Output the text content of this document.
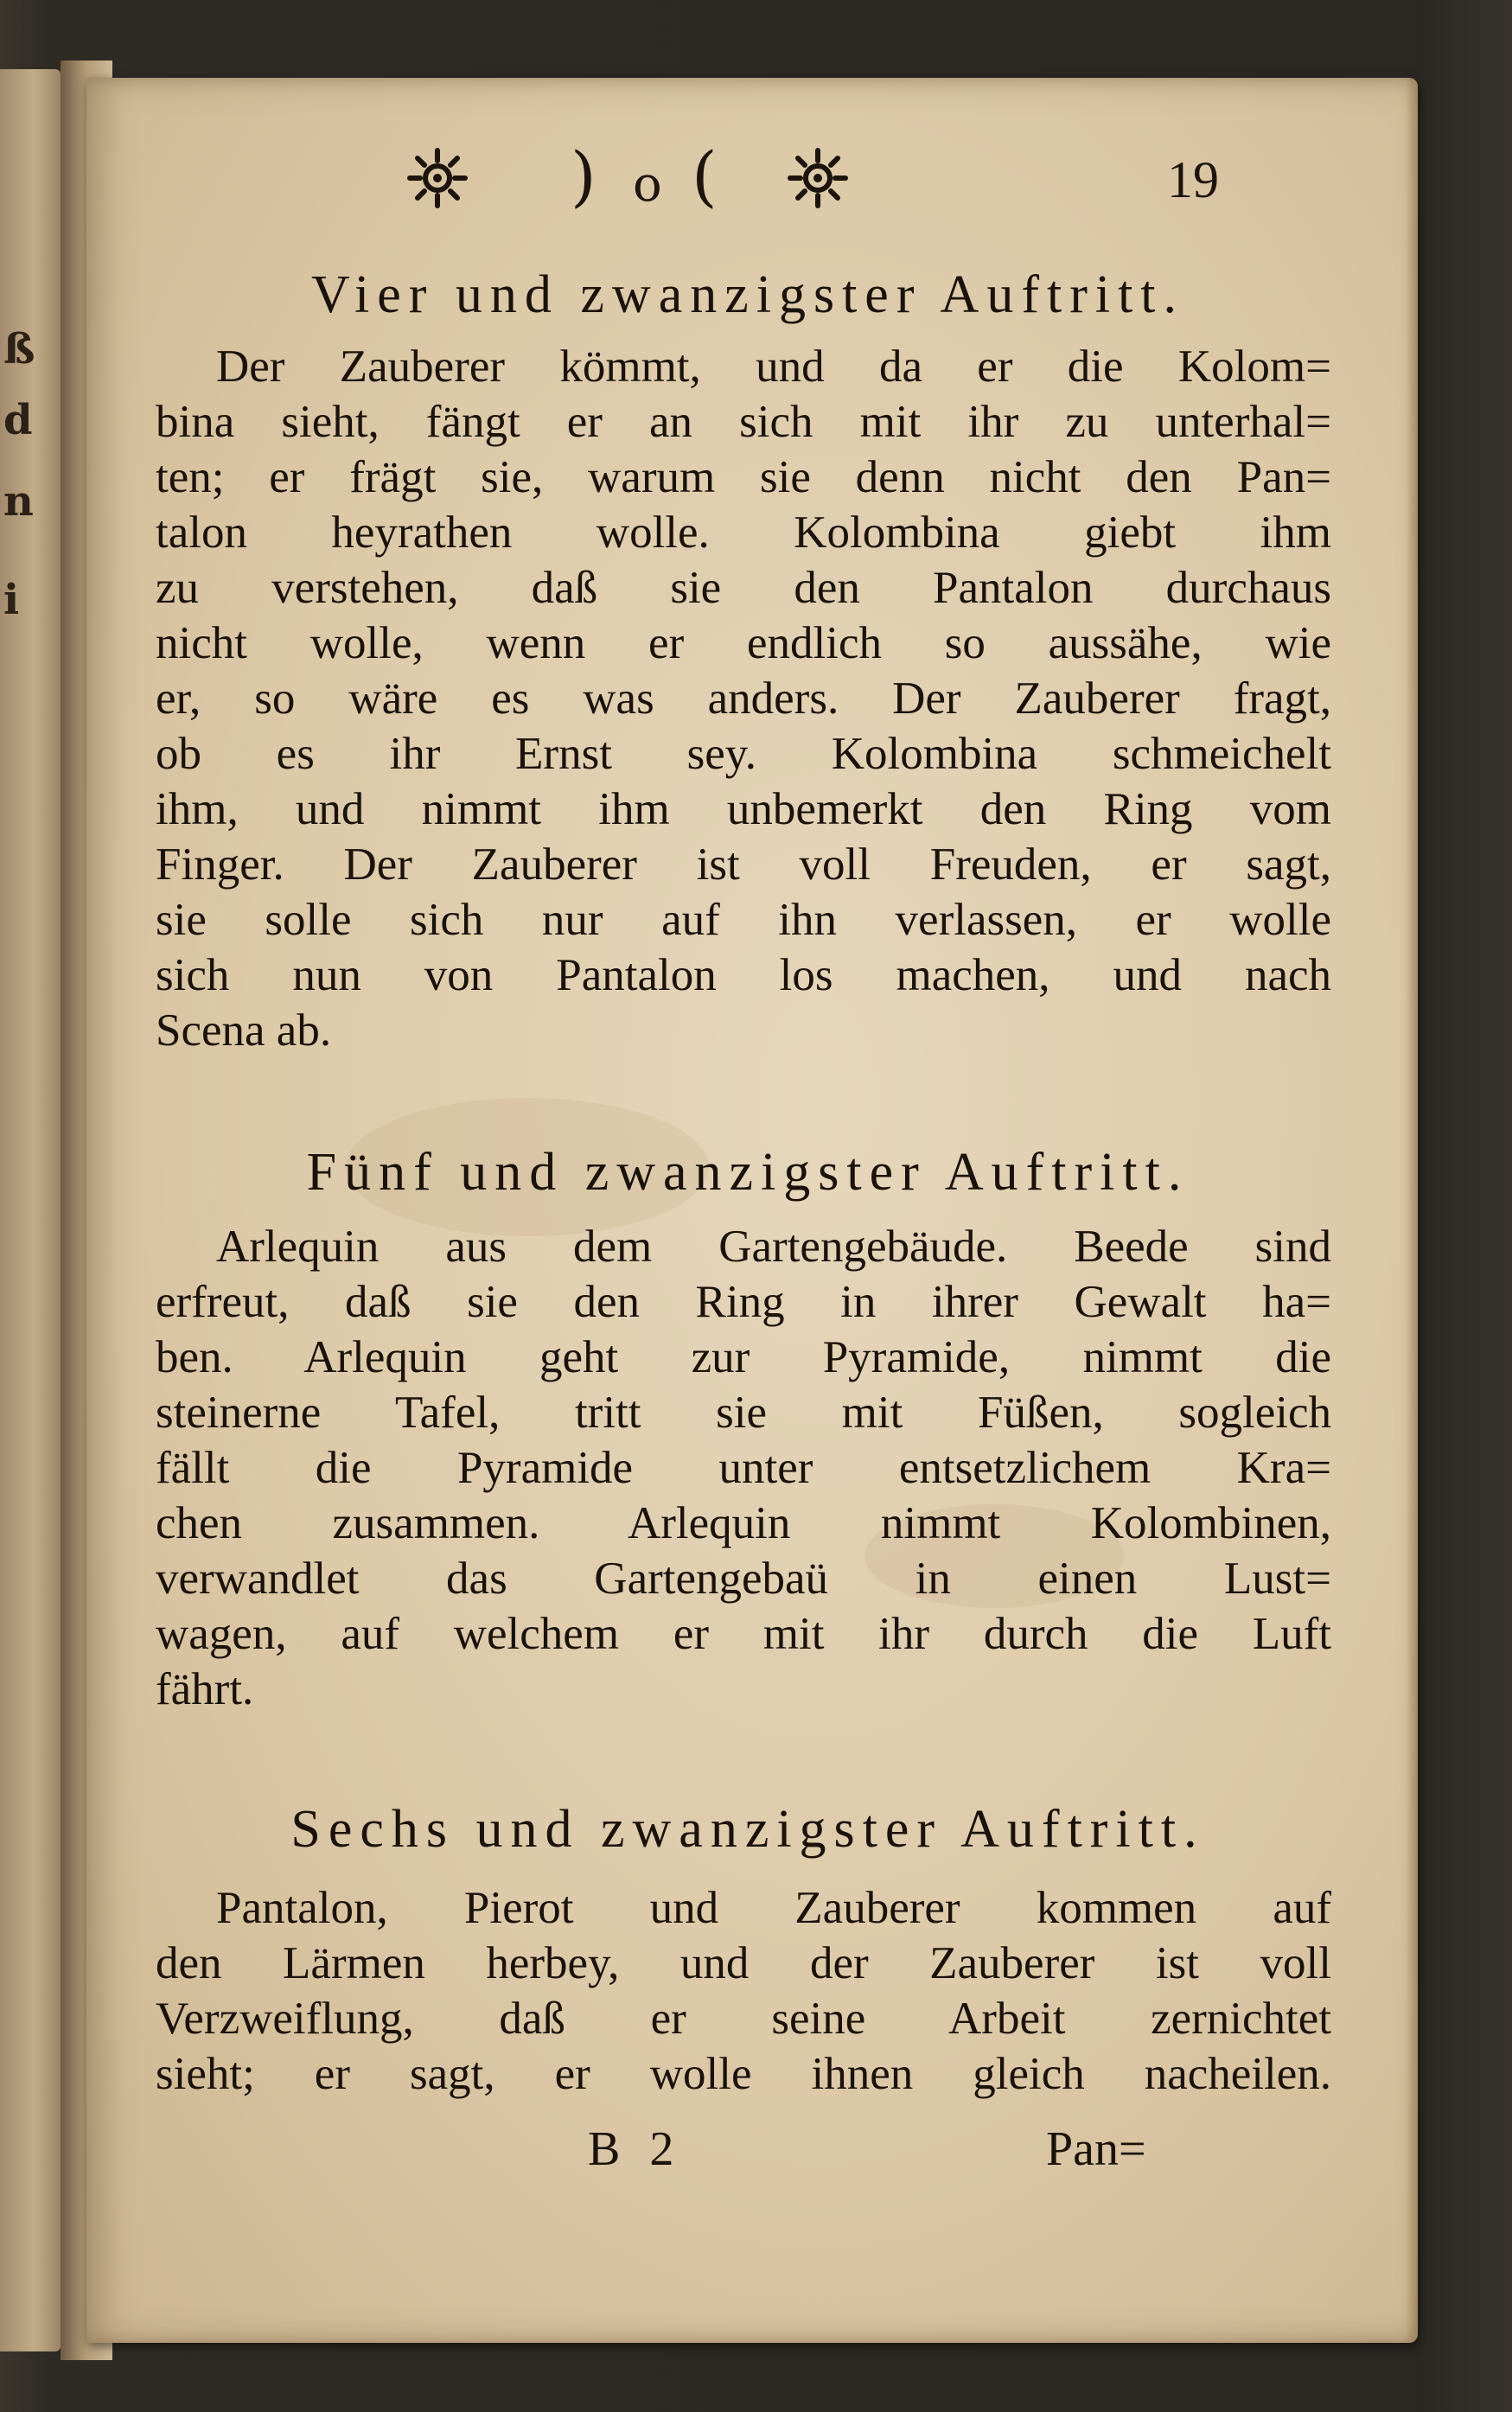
ß
d
n
i
) o (	19
Vier und zwanzigster Auftritt.
Der Zauberer kömmt, und da er die Kolom=
bina sieht, fängt er an sich mit ihr zu unterhal=
ten; er frägt sie, warum sie denn nicht den Pan=
talon heyrathen wolle. Kolombina giebt ihm
zu verstehen, daß sie den Pantalon durchaus
nicht wolle, wenn er endlich so aussähe, wie
er, so wäre es was anders. Der Zauberer fragt,
ob es ihr Ernst sey. Kolombina schmeichelt
ihm, und nimmt ihm unbemerkt den Ring vom
Finger. Der Zauberer ist voll Freuden, er sagt,
sie solle sich nur auf ihn verlassen, er wolle
sich nun von Pantalon los machen, und nach
Scena ab.
Fünf und zwanzigster Auftritt.
Arlequin aus dem Gartengebäude. Beede sind
erfreut, daß sie den Ring in ihrer Gewalt ha=
ben. Arlequin geht zur Pyramide, nimmt die
steinerne Tafel, tritt sie mit Füßen, sogleich
fällt die Pyramide unter entsetzlichem Kra=
chen zusammen. Arlequin nimmt Kolombinen,
verwandlet das Gartengebaü in einen Lust=
wagen, auf welchem er mit ihr durch die Luft
fährt.
Sechs und zwanzigster Auftritt.
Pantalon, Pierot und Zauberer kommen auf
den Lärmen herbey, und der Zauberer ist voll
Verzweiflung, daß er seine Arbeit zernichtet
sieht; er sagt, er wolle ihnen gleich nacheilen.
B 2	Pan=
